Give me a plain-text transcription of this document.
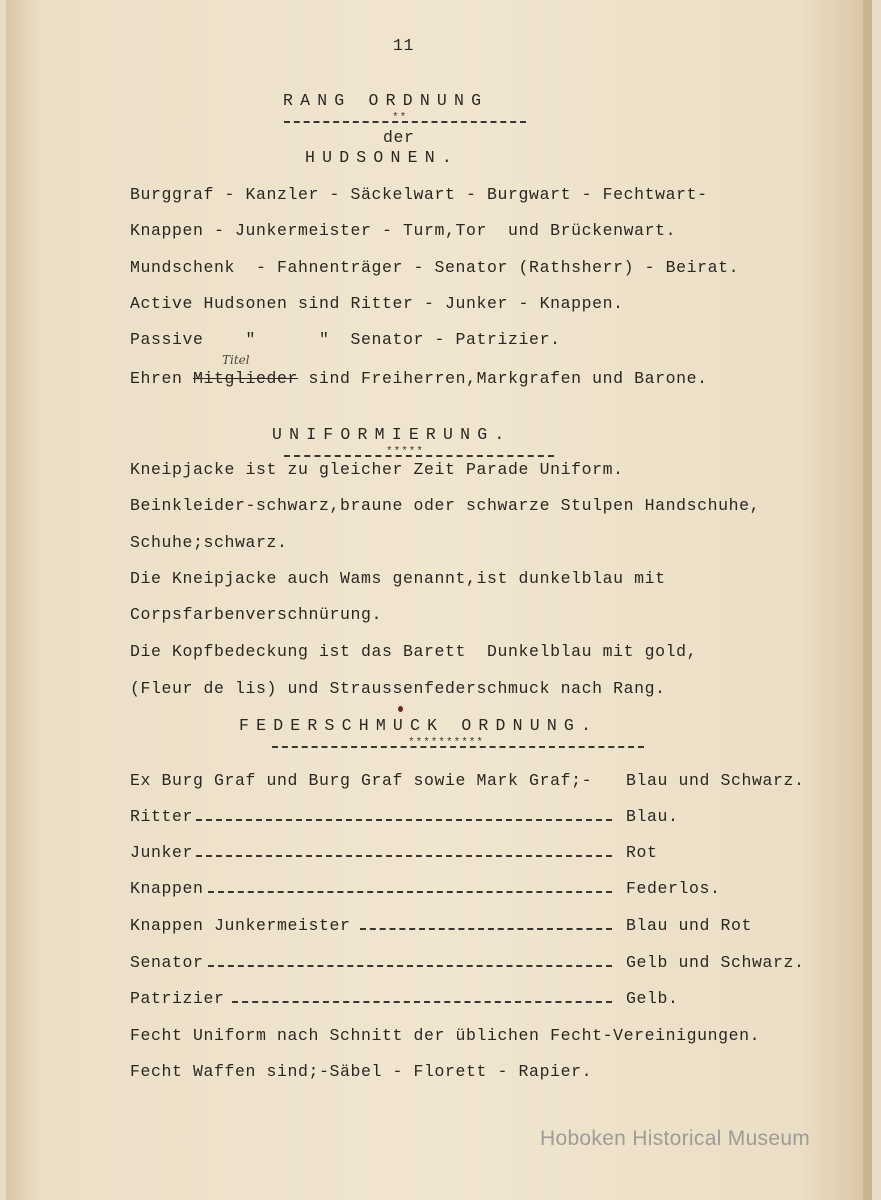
11
RANG ORDNUNG
**
der
HUDSONEN.
Burggraf - Kanzler - Säckelwart - Burgwart - Fechtwart-
Knappen - Junkermeister - Turm,Tor  und Brückenwart.
Mundschenk  - Fahnenträger - Senator (Rathsherr) - Beirat.
Active Hudsonen sind Ritter - Junker - Knappen.
Passive    "      "  Senator - Patrizier.
Titel
Ehren Mitglieder sind Freiherren,Markgrafen und Barone.
UNIFORMIERUNG.
*****
Kneipjacke ist zu gleicher Zeit Parade Uniform.
Beinkleider-schwarz,braune oder schwarze Stulpen Handschuhe,
Schuhe;schwarz.
Die Kneipjacke auch Wams genannt,ist dunkelblau mit
Corpsfarbenverschnürung.
Die Kopfbedeckung ist das Barett  Dunkelblau mit gold,
(Fleur de lis) und Straussenfederschmuck nach Rang.
FEDERSCHMUCK ORDNUNG.
**********
Ex Burg Graf und Burg Graf sowie Mark Graf;- Blau und Schwarz.
Ritter	Blau.
Junker	Rot
Knappen	Federlos.
Knappen Junkermeister	Blau und Rot
Senator	Gelb und Schwarz.
Patrizier	Gelb.
Fecht Uniform nach Schnitt der üblichen Fecht-Vereinigungen.
Fecht Waffen sind;-Säbel - Florett - Rapier.
Hoboken Historical Museum
